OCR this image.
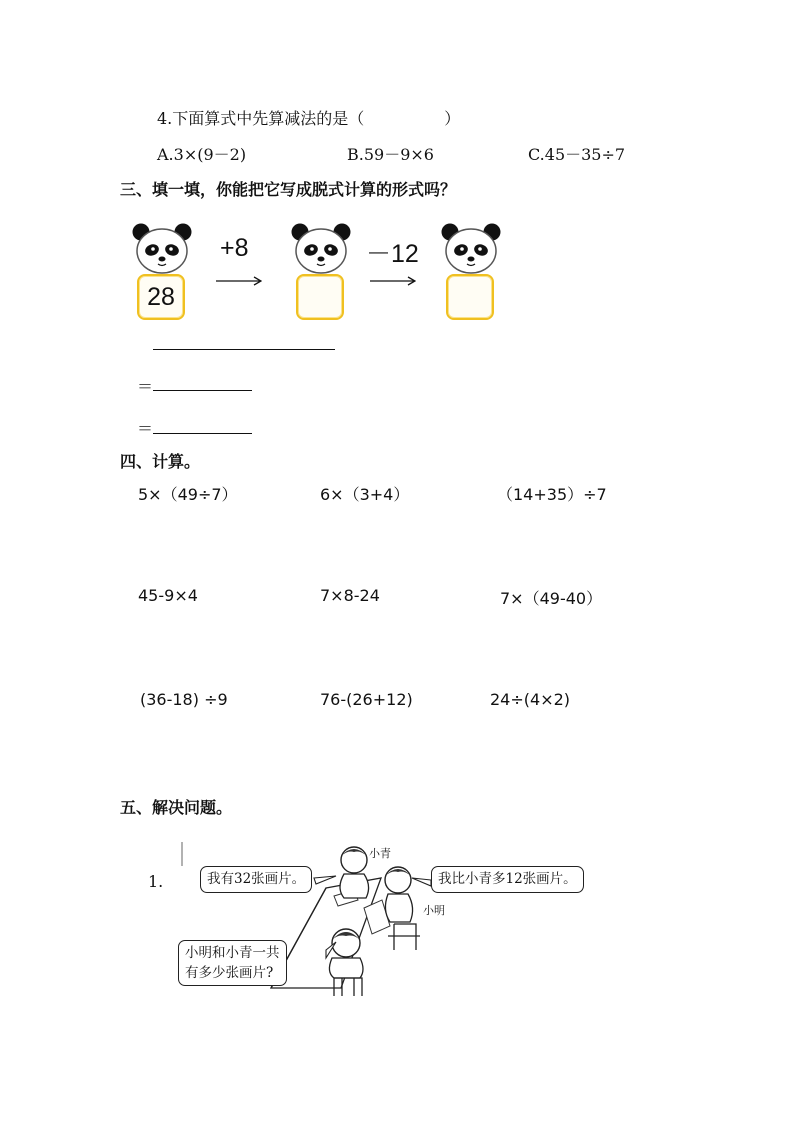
4.下面算式中先算减法的是（　　　　　）
A.3×(9－2)	B.59－9×6	C.45－35÷7
三、填一填，你能把它写成脱式计算的形式吗？
28
+8	－12
＝
＝
四、计算。
5×（49÷7）	6×（3+4）	（14+35）÷7
45-9×4	7×8-24	7×（49-40）
(36-18) ÷9	76-(26+12)	24÷(4×2)
五、解决问题。
1.	我有32张画片。	我比小青多12张画片。
小明和小青一共
有多少张画片?
小青
小明
